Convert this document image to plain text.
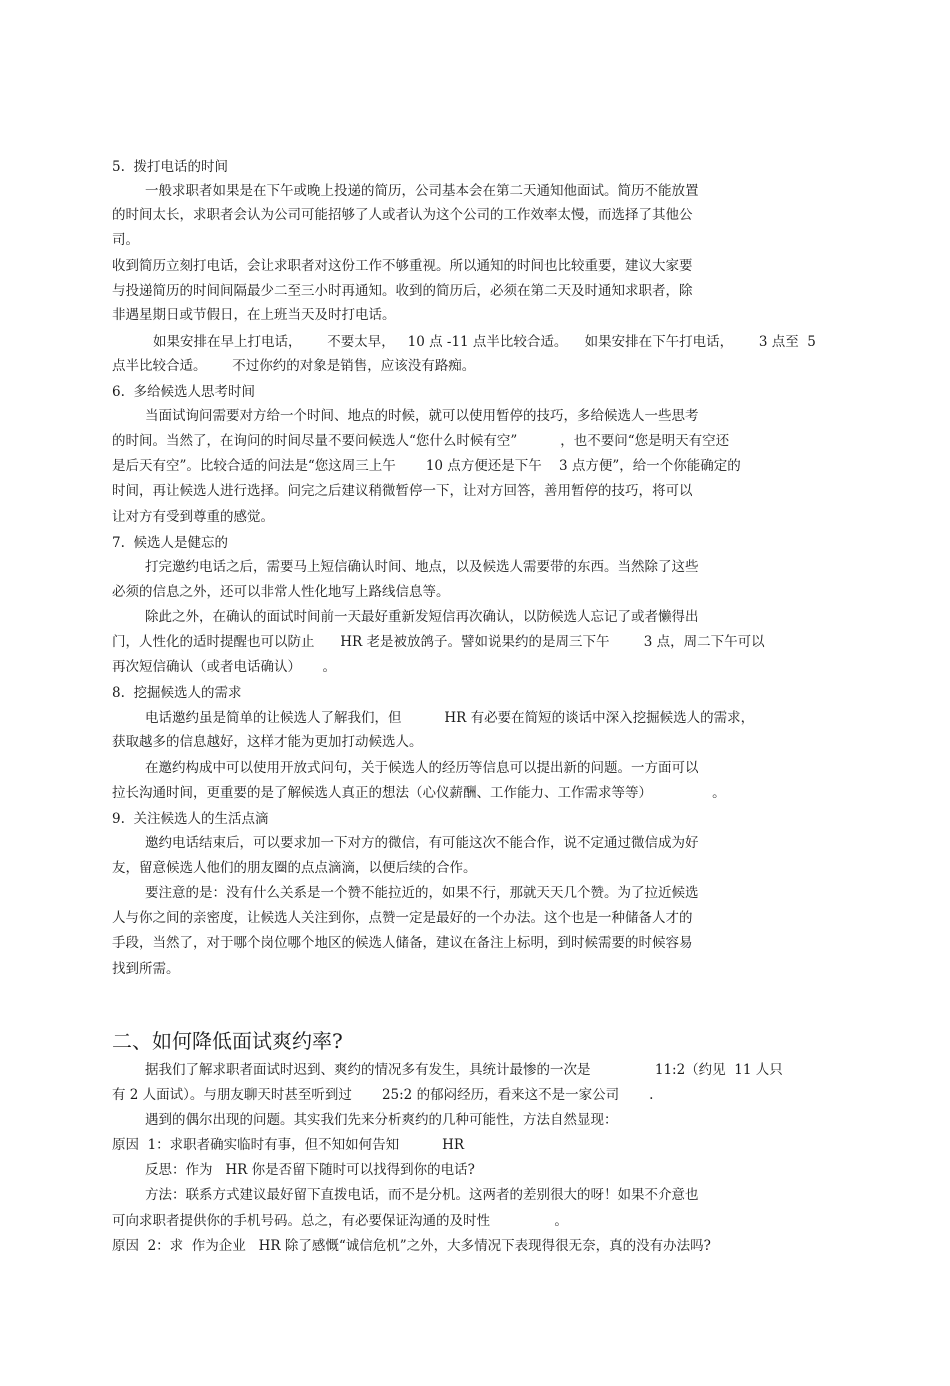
5.  拨打电话的时间
一般求职者如果是在下午或晚上投递的简历，公司基本会在第二天通知他面试。简历不能放置
的时间太长，求职者会认为公司可能招够了人或者认为这个公司的工作效率太慢，而选择了其他公
司。
收到简历立刻打电话，会让求职者对这份工作不够重视。所以通知的时间也比较重要，建议大家要
与投递简历的时间间隔最少二至三小时再通知。收到的简历后，必须在第二天及时通知求职者，除
非遇星期日或节假日，在上班当天及时打电话。
如果安排在早上打电话，      不要太早，   10 点 -11 点半比较合适。    如果安排在下午打电话，      3 点至  5
点半比较合适。      不过你约的对象是销售，应该没有路痴。
6.  多给候选人思考时间
当面试询问需要对方给一个时间、地点的时候，就可以使用暂停的技巧，多给候选人一些思考
的时间。当然了，在询问的时间尽量不要问候选人“您什么时候有空”          ，也不要问“您是明天有空还
是后天有空”。比较合适的问法是“您这周三上午       10 点方便还是下午    3 点方便”，给一个你能确定的
时间，再让候选人进行选择。问完之后建议稍微暂停一下，让对方回答，善用暂停的技巧，将可以
让对方有受到尊重的感觉。
7.  候选人是健忘的
打完邀约电话之后，需要马上短信确认时间、地点，以及候选人需要带的东西。当然除了这些
必须的信息之外，还可以非常人性化地写上路线信息等。
除此之外，在确认的面试时间前一天最好重新发短信再次确认，以防候选人忘记了或者懒得出
门，人性化的适时提醒也可以防止      HR 老是被放鸽子。譬如说果约的是周三下午        3 点，周二下午可以
再次短信确认（或者电话确认）     。
8.  挖掘候选人的需求
电话邀约虽是简单的让候选人了解我们，但          HR 有必要在简短的谈话中深入挖掘候选人的需求，
获取越多的信息越好，这样才能为更加打动候选人。
在邀约构成中可以使用开放式问句，关于候选人的经历等信息可以提出新的问题。一方面可以
拉长沟通时间，更重要的是了解候选人真正的想法（心仪薪酬、工作能力、工作需求等等）              。
9.  关注候选人的生活点滴
邀约电话结束后，可以要求加一下对方的微信，有可能这次不能合作，说不定通过微信成为好
友，留意候选人他们的朋友圈的点点滴滴，以便后续的合作。
要注意的是：没有什么关系是一个赞不能拉近的，如果不行，那就天天几个赞。为了拉近候选
人与你之间的亲密度，让候选人关注到你，点赞一定是最好的一个办法。这个也是一种储备人才的
手段，当然了，对于哪个岗位哪个地区的候选人储备，建议在备注上标明，到时候需要的时候容易
找到所需。
二、如何降低面试爽约率?
据我们了解求职者面试时迟到、爽约的情况多有发生，具统计最惨的一次是               11:2（约见  11 人只
有 2 人面试）。与朋友聊天时甚至听到过       25:2 的郁闷经历，看来这不是一家公司       .
遇到的偶尔出现的问题。其实我们先来分析爽约的几种可能性，方法自然显现：
原因  1：求职者确实临时有事，但不知如何告知          HR
反思：作为   HR 你是否留下随时可以找得到你的电话?
方法：联系方式建议最好留下直拨电话，而不是分机。这两者的差别很大的呀！如果不介意也
可向求职者提供你的手机号码。总之，有必要保证沟通的及时性               。
原因  2：求  作为企业   HR 除了感慨“诚信危机”之外，大多情况下表现得很无奈，真的没有办法吗?
